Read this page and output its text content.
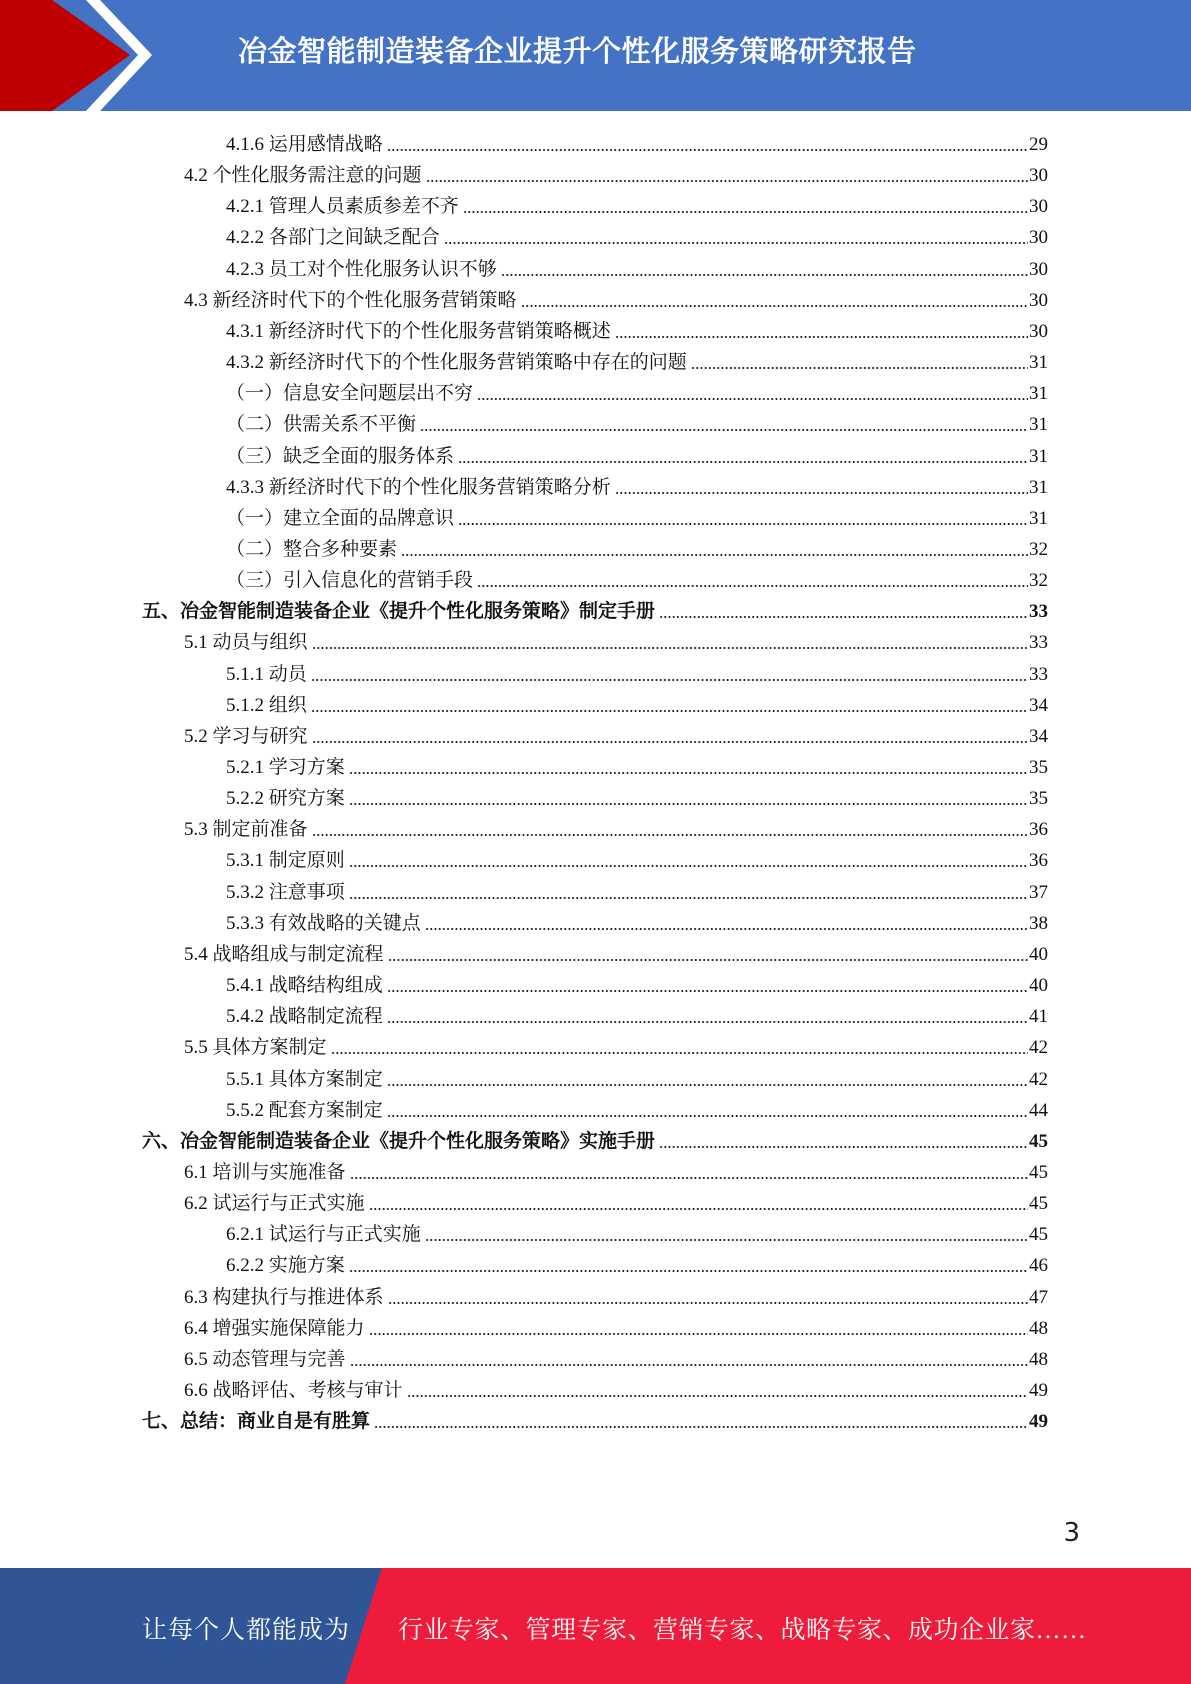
冶金智能制造装备企业提升个性化服务策略研究报告
4.1.6 运用感情战略	29
4.2 个性化服务需注意的问题	30
4.2.1 管理人员素质参差不齐	30
4.2.2 各部门之间缺乏配合	30
4.2.3 员工对个性化服务认识不够	30
4.3 新经济时代下的个性化服务营销策略	30
4.3.1 新经济时代下的个性化服务营销策略概述	30
4.3.2 新经济时代下的个性化服务营销策略中存在的问题	31
（一）信息安全问题层出不穷	31
（二）供需关系不平衡	31
（三）缺乏全面的服务体系	31
4.3.3 新经济时代下的个性化服务营销策略分析	31
（一）建立全面的品牌意识	31
（二）整合多种要素	32
（三）引入信息化的营销手段	32
五、冶金智能制造装备企业《提升个性化服务策略》制定手册	33
5.1 动员与组织	33
5.1.1 动员	33
5.1.2 组织	34
5.2 学习与研究	34
5.2.1 学习方案	35
5.2.2 研究方案	35
5.3 制定前准备	36
5.3.1 制定原则	36
5.3.2 注意事项	37
5.3.3 有效战略的关键点	38
5.4 战略组成与制定流程	40
5.4.1 战略结构组成	40
5.4.2 战略制定流程	41
5.5 具体方案制定	42
5.5.1 具体方案制定	42
5.5.2 配套方案制定	44
六、冶金智能制造装备企业《提升个性化服务策略》实施手册	45
6.1 培训与实施准备	45
6.2 试运行与正式实施	45
6.2.1 试运行与正式实施	45
6.2.2 实施方案	46
6.3 构建执行与推进体系	47
6.4 增强实施保障能力	48
6.5 动态管理与完善	48
6.6 战略评估、考核与审计	49
七、总结：商业自是有胜算	49
3
让每个人都能成为 行业专家、管理专家、营销专家、战略专家、成功企业家……
